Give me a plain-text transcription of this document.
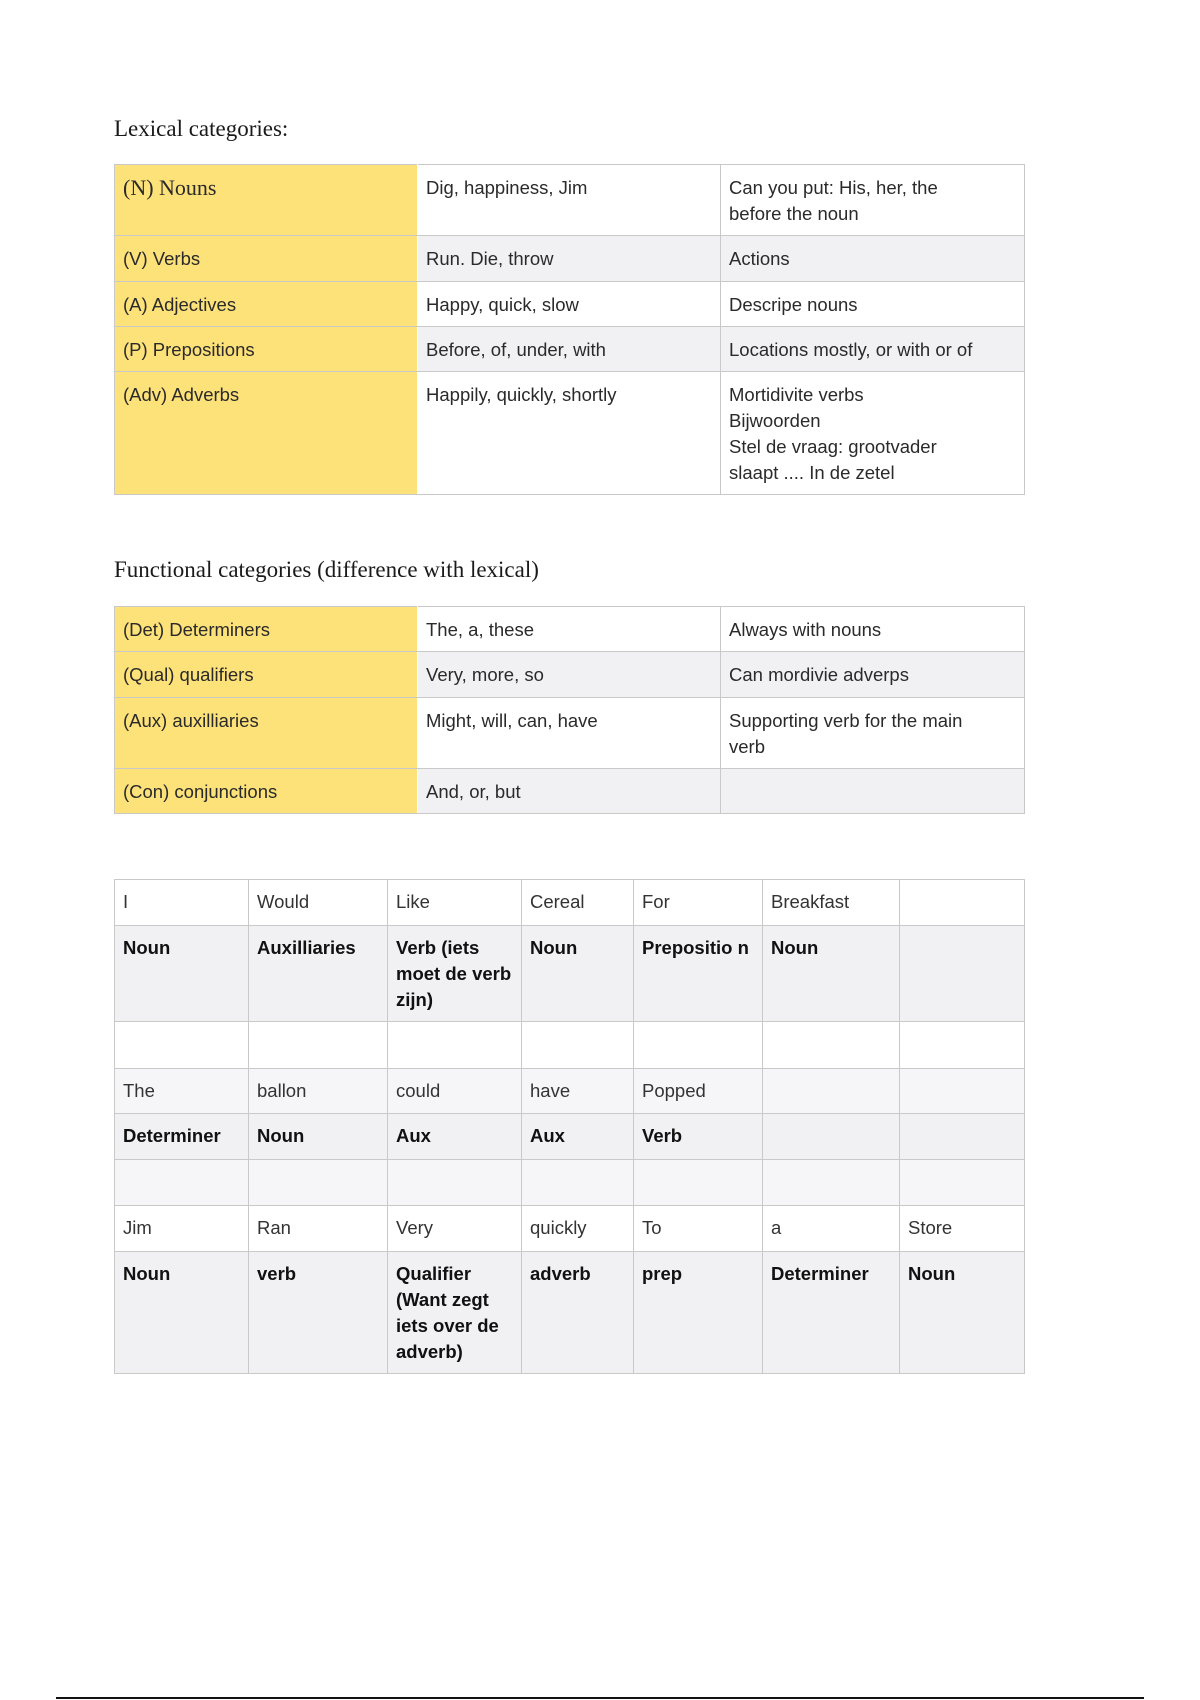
Lexical categories:
(N) Nouns	Dig, happiness, Jim	Can you put: His, her, the
before the noun

(V) Verbs	Run. Die, throw	Actions

(A) Adjectives	Happy, quick, slow	Descripe nouns

(P) Prepositions	Before, of, under, with	Locations mostly, or with or of

(Adv) Adverbs	Happily, quickly, shortly	Mortidivite verbs
Bijwoorden
Stel de vraag: grootvader
slaapt .... In de zetel
Functional categories (difference with lexical)
(Det) Determiners	The, a, these	Always with nouns

(Qual) qualifiers	Very, more, so	Can mordivie adverps

(Aux) auxilliaries	Might, will, can, have	Supporting verb for the main
verb

(Con) conjunctions	And, or, but	
I	Would	Like	Cereal	For	Breakfast	
Noun	Auxilliaries	Verb (iets moet de verb zijn)	Noun	Prepositio n	Noun	

The	ballon	could	have	Popped		
Determiner	Noun	Aux	Aux	Verb		

Jim	Ran	Very	quickly	To	a	Store
Noun	verb	Qualifier (Want zegt iets over de adverb)	adverb	prep	Determiner	Noun
